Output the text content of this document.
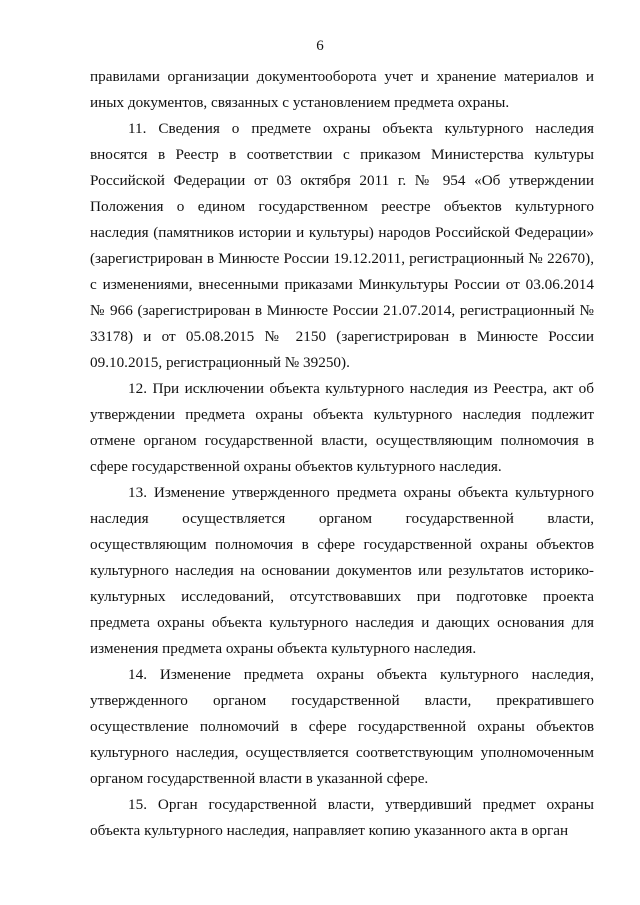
6

правилами организации документооборота учет и хранение материалов и иных документов, связанных с установлением предмета охраны.

11. Сведения о предмете охраны объекта культурного наследия вносятся в Реестр в соответствии с приказом Министерства культуры Российской Федерации от 03 октября 2011 г. № 954 «Об утверждении Положения о едином государственном реестре объектов культурного наследия (памятников истории и культуры) народов Российской Федерации» (зарегистрирован в Минюсте России 19.12.2011, регистрационный № 22670), с изменениями, внесенными приказами Минкультуры России от 03.06.2014 № 966 (зарегистрирован в Минюсте России 21.07.2014, регистрационный № 33178) и от 05.08.2015 № 2150 (зарегистрирован в Минюсте России 09.10.2015, регистрационный № 39250).

12. При исключении объекта культурного наследия из Реестра, акт об утверждении предмета охраны объекта культурного наследия подлежит отмене органом государственной власти, осуществляющим полномочия в сфере государственной охраны объектов культурного наследия.

13. Изменение утвержденного предмета охраны объекта культурного наследия осуществляется органом государственной власти, осуществляющим полномочия в сфере государственной охраны объектов культурного наследия на основании документов или результатов историко-культурных исследований, отсутствовавших при подготовке проекта предмета охраны объекта культурного наследия и дающих основания для изменения предмета охраны объекта культурного наследия.

14. Изменение предмета охраны объекта культурного наследия, утвержденного органом государственной власти, прекратившего осуществление полномочий в сфере государственной охраны объектов культурного наследия, осуществляется соответствующим уполномоченным органом государственной власти в указанной сфере.

15. Орган государственной власти, утвердивший предмет охраны объекта культурного наследия, направляет копию указанного акта в орган
